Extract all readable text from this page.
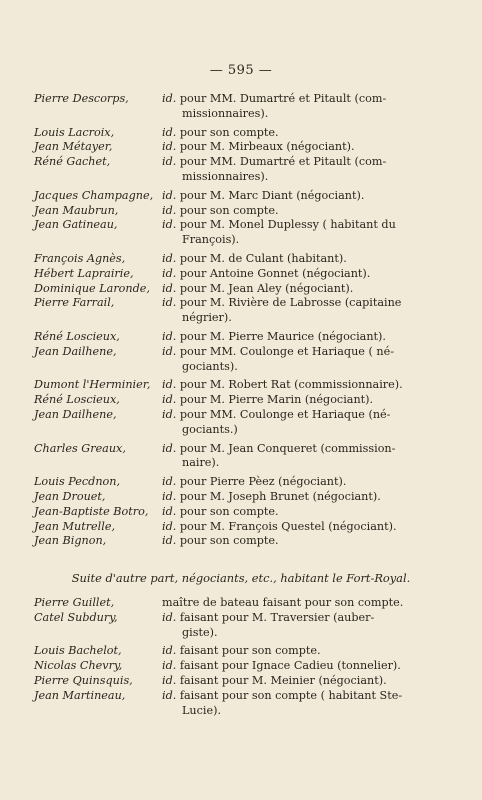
— 595 —
Pierre Descorps,	id. pour MM. Dumartré et Pitault (com-
missionnaires).
Louis Lacroix,	id. pour son compte.
Jean Métayer,	id. pour M. Mirbeaux (négociant).
Réné Gachet,	id. pour MM. Dumartré et Pitault (com-
missionnaires).
Jacques Champagne, id. pour M. Marc Diant (négociant).
Jean Maubrun,	id. pour son compte.
Jean Gatineau,	id. pour M. Monel Duplessy ( habitant du
François).
François Agnès,	id. pour M. de Culant (habitant).
Hébert Laprairie,	id. pour Antoine Gonnet (négociant).
Dominique Laronde,	id. pour M. Jean Aley (négociant).
Pierre Farrail,	id. pour M. Rivière de Labrosse (capitaine
négrier).
Réné Loscieux,	id. pour M. Pierre Maurice (négociant).
Jean Dailhene,	id. pour MM. Coulonge et Hariaque ( né-
gociants).
Dumont l'Herminier,	id. pour M. Robert Rat (commissionnaire).
Réné Loscieux,	id. pour M. Pierre Marin (négociant).
Jean Dailhene,	id. pour MM. Coulonge et Hariaque (né-
gociants.)
Charles Greaux,	id. pour M. Jean Conqueret (commission-
naire).
Louis Pecdnon,	id. pour Pierre Pèez (négociant).
Jean Drouet,	id. pour M. Joseph Brunet (négociant).
Jean-Baptiste Botro,	id. pour son compte.
Jean Mutrelle,	id. pour M. François Questel (négociant).
Jean Bignon,	id. pour son compte.
Suite d'autre part, négociants, etc., habitant le Fort-Royal.
Pierre Guillet,	maître de bateau faisant pour son compte.
Catel Subdury,	id. faisant pour M. Traversier (auber-
giste).
Louis Bachelot,	id. faisant pour son compte.
Nicolas Chevry,	id. faisant pour Ignace Cadieu (tonnelier).
Pierre Quinsquis,	id. faisant pour M. Meinier (négociant).
Jean Martineau,	id. faisant pour son compte ( habitant Ste-
Lucie).
